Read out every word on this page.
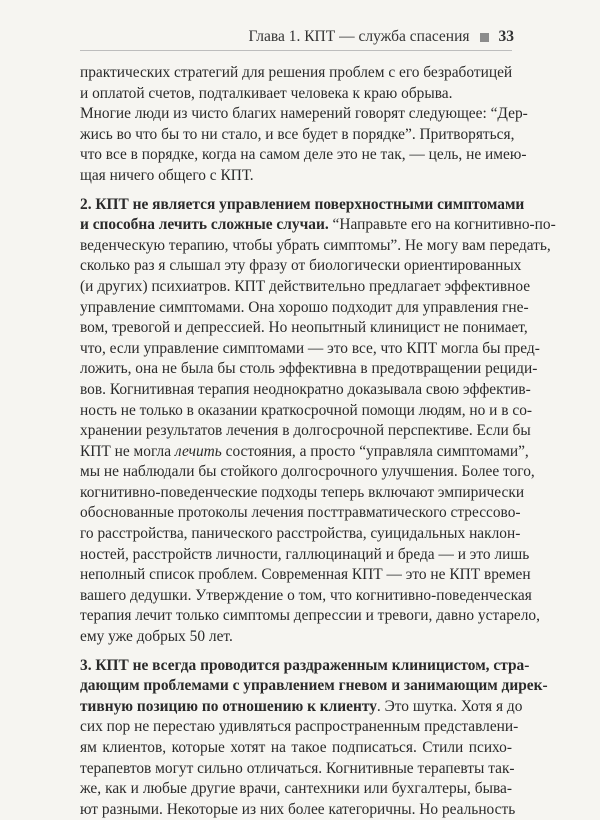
Глава 1. КПТ — служба спасения 33

практических стратегий для решения проблем с его безработицей
и оплатой счетов, подталкивает человека к краю обрыва.

Многие люди из чисто благих намерений говорят следующее: “Дер-
жись во что бы то ни стало, и все будет в порядке”. Притворяться,
что все в порядке, когда на самом деле это не так, — цель, не имею-
щая ничего общего с КПТ.

2. КПТ не является управлением поверхностными симптомами
и способна лечить сложные случаи. “Направьте его на когнитивно-по-
веденческую терапию, чтобы убрать симптомы”. Не могу вам передать,
сколько раз я слышал эту фразу от биологически ориентированных
(и других) психиатров. КПТ действительно предлагает эффективное
управление симптомами. Она хорошо подходит для управления гне-
вом, тревогой и депрессией. Но неопытный клиницист не понимает,
что, если управление симптомами — это все, что КПТ могла бы пред-
ложить, она не была бы столь эффективна в предотвращении рециди-
вов. Когнитивная терапия неоднократно доказывала свою эффектив-
ность не только в оказании краткосрочной помощи людям, но и в со-
хранении результатов лечения в долгосрочной перспективе. Если бы
КПТ не могла лечить состояния, а просто “управляла симптомами”,
мы не наблюдали бы стойкого долгосрочного улучшения. Более того,
когнитивно-поведенческие подходы теперь включают эмпирически
обоснованные протоколы лечения посттравматического стрессово-
го расстройства, панического расстройства, суицидальных наклон-
ностей, расстройств личности, галлюцинаций и бреда — и это лишь
неполный список проблем. Современная КПТ — это не КПТ времен
вашего дедушки. Утверждение о том, что когнитивно-поведенческая
терапия лечит только симптомы депрессии и тревоги, давно устарело,
ему уже добрых 50 лет.

3. КПТ не всегда проводится раздраженным клиницистом, стра-
дающим проблемами с управлением гневом и занимающим дирек-
тивную позицию по отношению к клиенту. Это шутка. Хотя я до
сих пор не перестаю удивляться распространенным представлени-
ям клиентов, которые хотят на такое подписаться. Стили психо-
терапевтов могут сильно отличаться. Когнитивные терапевты так-
же, как и любые другие врачи, сантехники или бухгалтеры, быва-
ют разными. Некоторые из них более категоричны. Но реальность
